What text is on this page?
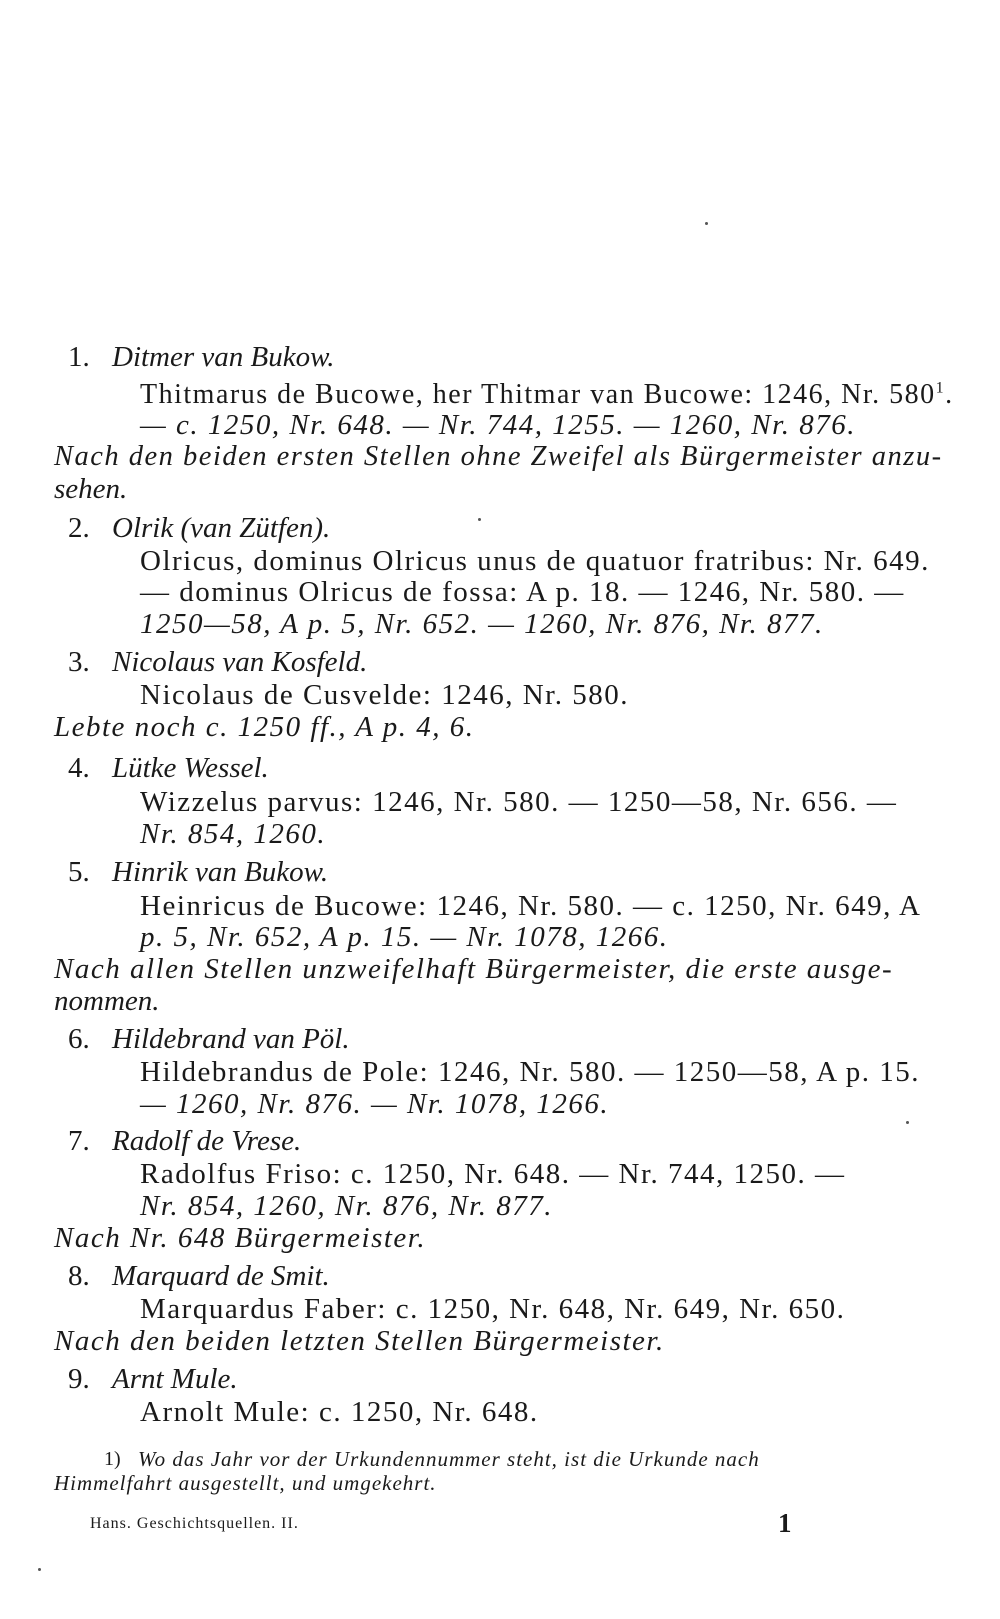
1. Ditmer van Bukow.
Thitmarus de Bucowe, her Thitmar van Bucowe: 1246, Nr. $580^1$.
— c. 1250, Nr. 648. — Nr. 744, 1255. — 1260, Nr. 876.
Nach den beiden ersten Stellen ohne Zweifel als Bürgermeister anzu-
sehen.
2. Olrik (van Zütfen).
Olricus, dominus Olricus unus de quatuor fratribus: Nr. 649.
— dominus Olricus de fossa: A p. 18. — 1246, Nr. 580. —
1250—58, A p. 5, Nr. 652. — 1260, Nr. 876, Nr. 877.
3. Nicolaus van Kosfeld.
Nicolaus de Cusvelde: 1246, Nr. 580.
Lebte noch c. 1250 ff., A p. 4, 6.
4. Lütke Wessel.
Wizzelus parvus: 1246, Nr. 580. — 1250—58, Nr. 656. —
Nr. 854, 1260.
5. Hinrik van Bukow.
Heinricus de Bucowe: 1246, Nr. 580. — c. 1250, Nr. 649, A
p. 5, Nr. 652, A p. 15. — Nr. 1078, 1266.
Nach allen Stellen unzweifelhaft Bürgermeister, die erste ausge-
nommen.
6. Hildebrand van Pöl.
Hildebrandus de Pole: 1246, Nr. 580. — 1250—58, A p. 15.
— 1260, Nr. 876. — Nr. 1078, 1266.
7. Radolf de Vrese.
Radolfus Friso: c. 1250, Nr. 648. — Nr. 744, 1250. —
Nr. 854, 1260, Nr. 876, Nr. 877.
Nach Nr. 648 Bürgermeister.
8. Marquard de Smit.
Marquardus Faber: c. 1250, Nr. 648, Nr. 649, Nr. 650.
Nach den beiden letzten Stellen Bürgermeister.
9. Arnt Mule.
Arnolt Mule: c. 1250, Nr. 648.
1) Wo das Jahr vor der Urkundennummer steht, ist die Urkunde nach
Himmelfahrt ausgestellt, und umgekehrt.
Hans. Geschichtsquellen. II.	1
